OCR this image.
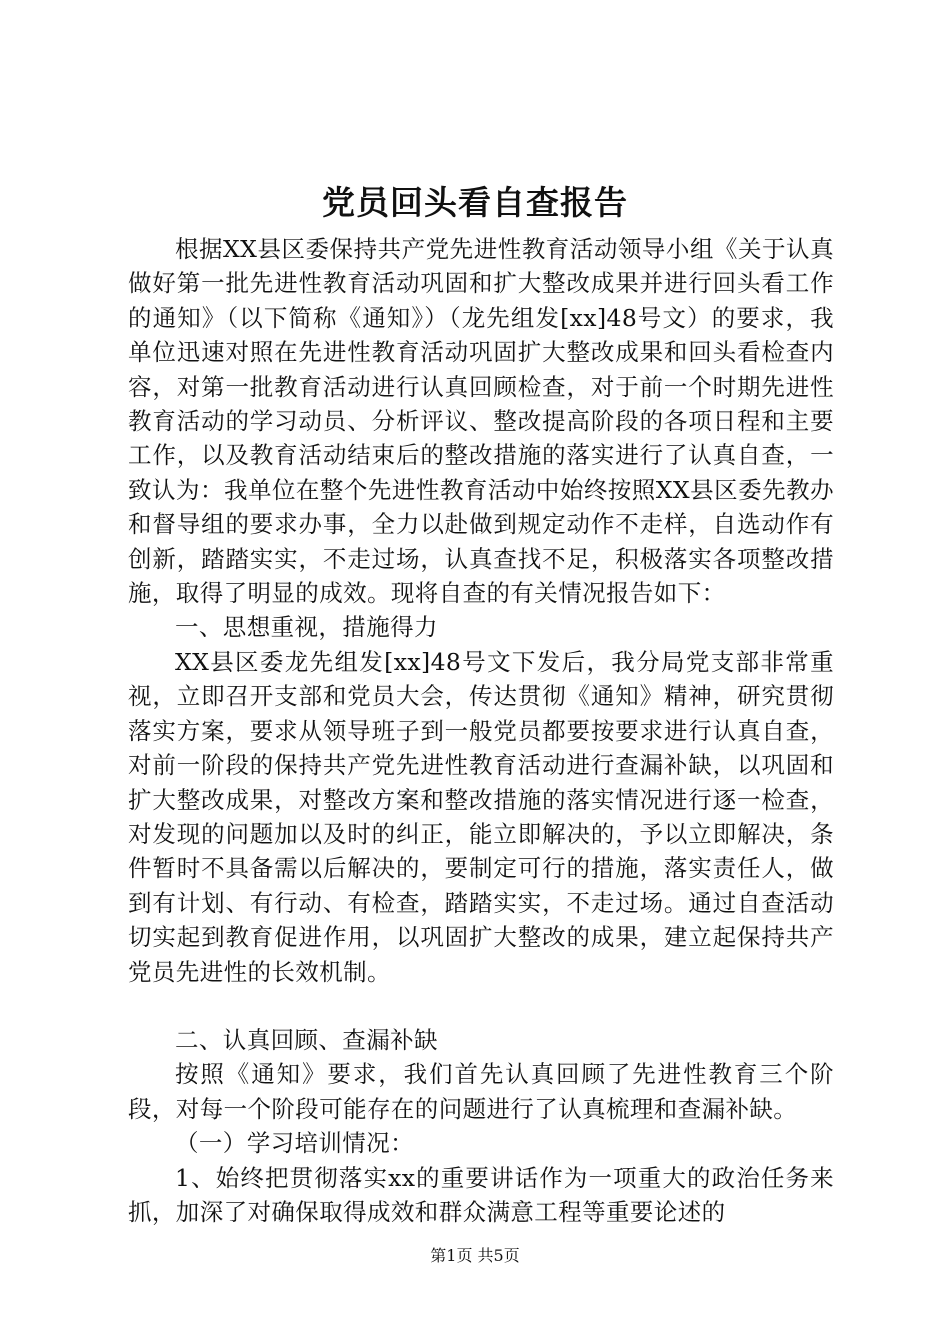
党员回头看自查报告

根据XX县区委保持共产党先进性教育活动领导小组《关于认真做好第一批先进性教育活动巩固和扩大整改成果并进行回头看工作的通知》（以下简称《通知》）（龙先组发[xx]48号文）的要求，我单位迅速对照在先进性教育活动巩固扩大整改成果和回头看检查内容，对第一批教育活动进行认真回顾检查，对于前一个时期先进性教育活动的学习动员、分析评议、整改提高阶段的各项日程和主要工作，以及教育活动结束后的整改措施的落实进行了认真自查，一致认为：我单位在整个先进性教育活动中始终按照XX县区委先教办和督导组的要求办事，全力以赴做到规定动作不走样，自选动作有创新，踏踏实实，不走过场，认真查找不足，积极落实各项整改措施，取得了明显的成效。现将自查的有关情况报告如下：

一、思想重视，措施得力

XX县区委龙先组发[xx]48号文下发后，我分局党支部非常重视，立即召开支部和党员大会，传达贯彻《通知》精神，研究贯彻落实方案，要求从领导班子到一般党员都要按要求进行认真自查，对前一阶段的保持共产党先进性教育活动进行查漏补缺，以巩固和扩大整改成果，对整改方案和整改措施的落实情况进行逐一检查，对发现的问题加以及时的纠正，能立即解决的，予以立即解决，条件暂时不具备需以后解决的，要制定可行的措施，落实责任人，做到有计划、有行动、有检查，踏踏实实，不走过场。通过自查活动切实起到教育促进作用，以巩固扩大整改的成果，建立起保持共产党员先进性的长效机制。

二、认真回顾、查漏补缺

按照《通知》要求，我们首先认真回顾了先进性教育三个阶段，对每一个阶段可能存在的问题进行了认真梳理和查漏补缺。

（一）学习培训情况：

1、始终把贯彻落实xx的重要讲话作为一项重大的政治任务来抓，加深了对确保取得成效和群众满意工程等重要论述的

第1页 共5页
